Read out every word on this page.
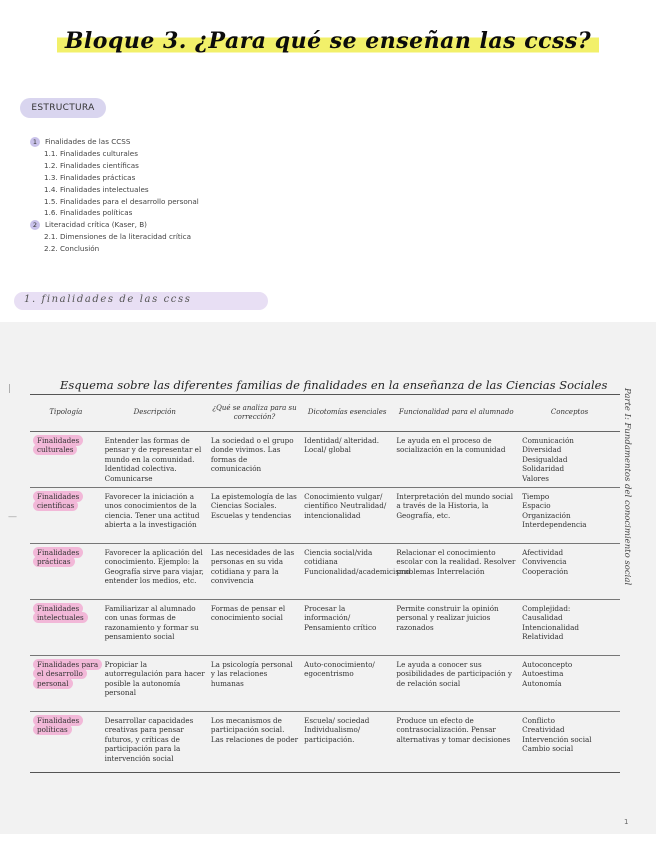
Bloque 3. ¿Para qué se enseñan las ccss?
ESTRUCTURA
1	Finalidades de las CCSS
1.1. Finalidades culturales
1.2. Finalidades científicas
1.3. Finalidades prácticas
1.4. Finalidades intelectuales
1.5. Finalidades para el desarrollo personal
1.6. Finalidades políticas
2	Literacidad crítica (Kaser, B)
2.1. Dimensiones de la literacidad crítica
2.2. Conclusión
1. finalidades de las ccss
|
—
Esquema sobre las diferentes familias de finalidades en la enseñanza de las Ciencias Sociales
Parte I: Fundamentos del conocimiento social
Tipología	Descripción	¿Qué se analiza para su corrección?	Dicotomías esenciales	Funcionalidad para el alumnado	Conceptos
Finalidades culturales	Entender las formas de pensar y de representar el mundo en la comunidad. Identidad colectiva. Comunicarse	La sociedad o el grupo donde vivimos. Las formas de comunicación	Identidad/ alteridad. Local/ global	Le ayuda en el proceso de socialización en la comunidad	Comunicación
Diversidad
Desigualdad
Solidaridad
Valores

Finalidades científicas	Favorecer la iniciación a unos conocimientos de la ciencia. Tener una actitud abierta a la investigación	La epistemología de las Ciencias Sociales. Escuelas y tendencias	Conocimiento vulgar/ científico Neutralidad/ intencionalidad	Interpretación del mundo social a través de la Historia, la Geografía, etc.	Tiempo
Espacio
Organización
Interdependencia

Finalidades prácticas	Favorecer la aplicación del conocimiento. Ejemplo: la Geografía sirve para viajar, entender los medios, etc.	Las necesidades de las personas en su vida cotidiana y para la convivencia	Ciencia social/vida cotidiana Funcionalidad/academicismo	Relacionar el conocimiento escolar con la realidad. Resolver problemas Interrelación	Afectividad
Convivencia
Cooperación

Finalidades intelectuales	Familiarizar al alumnado con unas formas de razonamiento y formar su pensamiento social	Formas de pensar el conocimiento social	Procesar la información/ Pensamiento crítico	Permite construir la opinión personal y realizar juicios razonados	Complejidad:
Causalidad
Intencionalidad
Relatividad

Finalidades para el desarrollo personal	Propiciar la autorregulación para hacer posible la autonomía personal	La psicología personal y las relaciones humanas	Auto-conocimiento/ egocentrismo	Le ayuda a conocer sus posibilidades de participación y de relación social	Autoconcepto
Autoestima
Autonomía

Finalidades políticas	Desarrollar capacidades creativas para pensar futuros, y críticas de participación para la intervención social	Los mecanismos de participación social. Las relaciones de poder	Escuela/ sociedad Individualismo/ participación.	Produce un efecto de contrasocialización. Pensar alternativas y tomar decisiones	Conflicto
Creatividad
Intervención social
Cambio social
1
